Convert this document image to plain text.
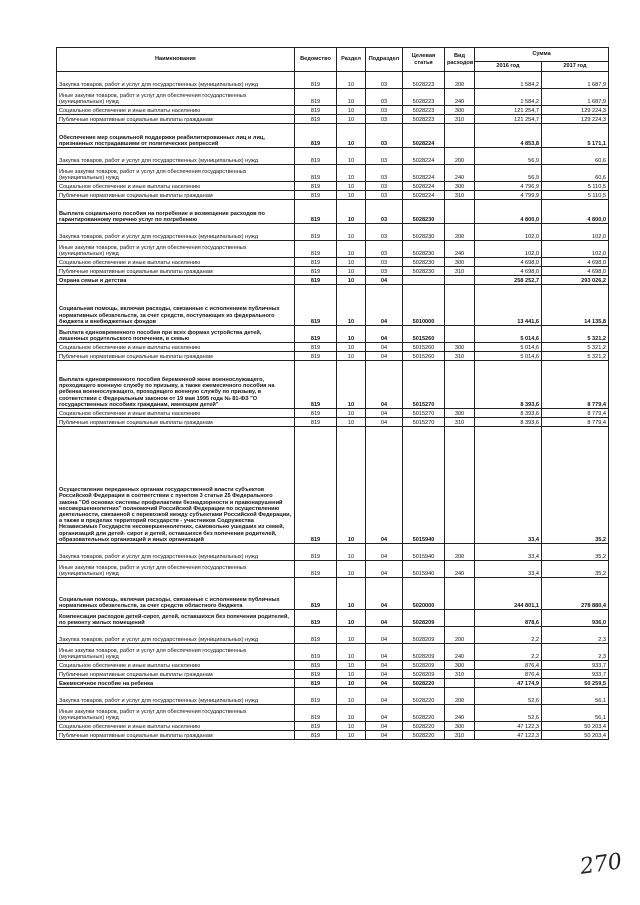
Наименование	Ведомство	Раздел	Подраздел	Целевая статья	Вид расходов	Сумма	
						2016 год	2017 год
Закупка товаров, работ и услуг для государственных (муниципальных) нужд	819	10	03	5028223	200	1 584,2	1 687,9
Иные закупки товаров, работ и услуг для обеспечения государственных (муниципальных) нужд	819	10	03	5028223	240	1 584,2	1 687,9
Социальное обеспечение и иные выплаты населению	819	10	03	5028223	300	121 254,7	129 224,3
Публичные нормативные социальные выплаты гражданам	819	10	03	5028223	310	121 254,7	129 224,3
Обеспечение мер социальной поддержки реабилитированных лиц и лиц, признанных пострадавшими от политических репрессий	819	10	03	5028224		4 853,8	5 171,1
Закупка товаров, работ и услуг для государственных (муниципальных) нужд	819	10	03	5028224	200	56,9	60,6
Иные закупки товаров, работ и услуг для обеспечения государственных (муниципальных) нужд	819	10	03	5028224	240	56,9	60,6
Социальное обеспечение и иные выплаты населению	819	10	03	5028224	300	4 796,9	5 110,5
Публичные нормативные социальные выплаты гражданам	819	10	03	5028224	310	4 799,9	5 110,5
Выплата социального пособия на погребение и возмещение расходов по гарантированному перечню услуг по погребению	819	10	03	5028230		4 800,0	4 800,0
Закупка товаров, работ и услуг для государственных (муниципальных) нужд	819	10	03	5028230	200	102,0	102,0
Иные закупки товаров, работ и услуг для обеспечения государственных (муниципальных) нужд	819	10	03	5028230	240	102,0	102,0
Социальное обеспечение и иные выплаты населению	819	10	03	5028230	300	4 698,0	4 698,0
Публичные нормативные социальные выплаты гражданам	819	10	03	5028230	310	4 698,0	4 698,0
Охрана семьи и детства	819	10	04			258 252,7	293 026,2
Социальная помощь, включая расходы, связанные с исполнением публичных нормативных обязательств, за счет средств, поступающих из федерального бюджета и внебюджетных фондов	819	10	04	5010000		13 441,6	14 135,8
Выплата единовременного пособия при всех формах устройства детей, лишенных родительского попечения, в семью	819	10	04	5015260		5 014,6	5 321,2
Социальное обеспечение и иные выплаты населению	819	10	04	5015260	300	5 014,6	5 321,2
Публичные нормативные социальные выплаты гражданам	819	10	04	5015260	310	5 014,6	5 321,2
Выплата единовременного пособия беременной жене военнослужащего, проходящего военную службу по призыву, а также ежемесячного пособия на ребенка военнослужащего, проходящего военную службу по призыву, в соответствии с Федеральным законом от 19 мая 1995 года № 81-ФЗ "О государственных пособиях гражданам, имеющим детей"	819	10	04	5015270		8 393,6	8 779,4
Социальное обеспечение и иные выплаты населению	819	10	04	5015270	300	8 393,6	8 779,4
Публичные нормативные социальные выплаты гражданам	819	10	04	5015270	310	8 393,6	8 779,4
Осуществление переданных органам государственной власти субъектов Российской Федерации в соответствии с пунктом 3 статьи 25 Федерального закона "Об основах системы профилактики безнадзорности и правонарушений несовершеннолетних" полномочий Российской Федерации по осуществлению деятельности, связанной с перевозкой между субъектами Российской Федерации, а также в пределах территорий государств - участников Содружества Независимых Государств несовершеннолетних, самовольно ушедших из семей, организаций для детей- сирот и детей, оставшихся без попечения родителей, образовательных организаций и иных организаций	819	10	04	5015940		33,4	35,2
Закупка товаров, работ и услуг для государственных (муниципальных) нужд	819	10	04	5015940	200	33,4	35,2
Иные закупки товаров, работ и услуг для обеспечения государственных (муниципальных) нужд	819	10	04	5015940	240	33,4	35,2
Социальная помощь, включая расходы, связанные с исполнением публичных нормативных обязательств, за счет средств областного бюджета	819	10	04	5020000		244 801,1	278 880,4
Компенсация расходов детей-сирот, детей, оставшихся без попечения родителей, по ремонту жилых помещений	819	10	04	5028209		878,6	936,0
Закупка товаров, работ и услуг для государственных (муниципальных) нужд	819	10	04	5028209	200	2,2	2,3
Иные закупки товаров, работ и услуг для обеспечения государственных (муниципальных) нужд	819	10	04	5028209	240	2,2	2,3
Социальное обеспечение и иные выплаты населению	819	10	04	5028209	300	876,4	933,7
Публичные нормативные социальные выплаты гражданам	819	10	04	5028209	310	876,4	933,7
Ежемесячное пособие на ребенка	819	10	04	5028220		47 174,9	50 259,5
Закупка товаров, работ и услуг для государственных (муниципальных) нужд	819	10	04	5028220	200	52,6	56,1
Иные закупки товаров, работ и услуг для обеспечения государственных (муниципальных) нужд	819	10	04	5028220	240	52,6	56,1
Социальное обеспечение и иные выплаты населению	819	10	04	5028220	300	47 122,3	50 203,4
Публичные нормативные социальные выплаты гражданам	819	10	04	5028220	310	47 122,3	50 203,4
270
